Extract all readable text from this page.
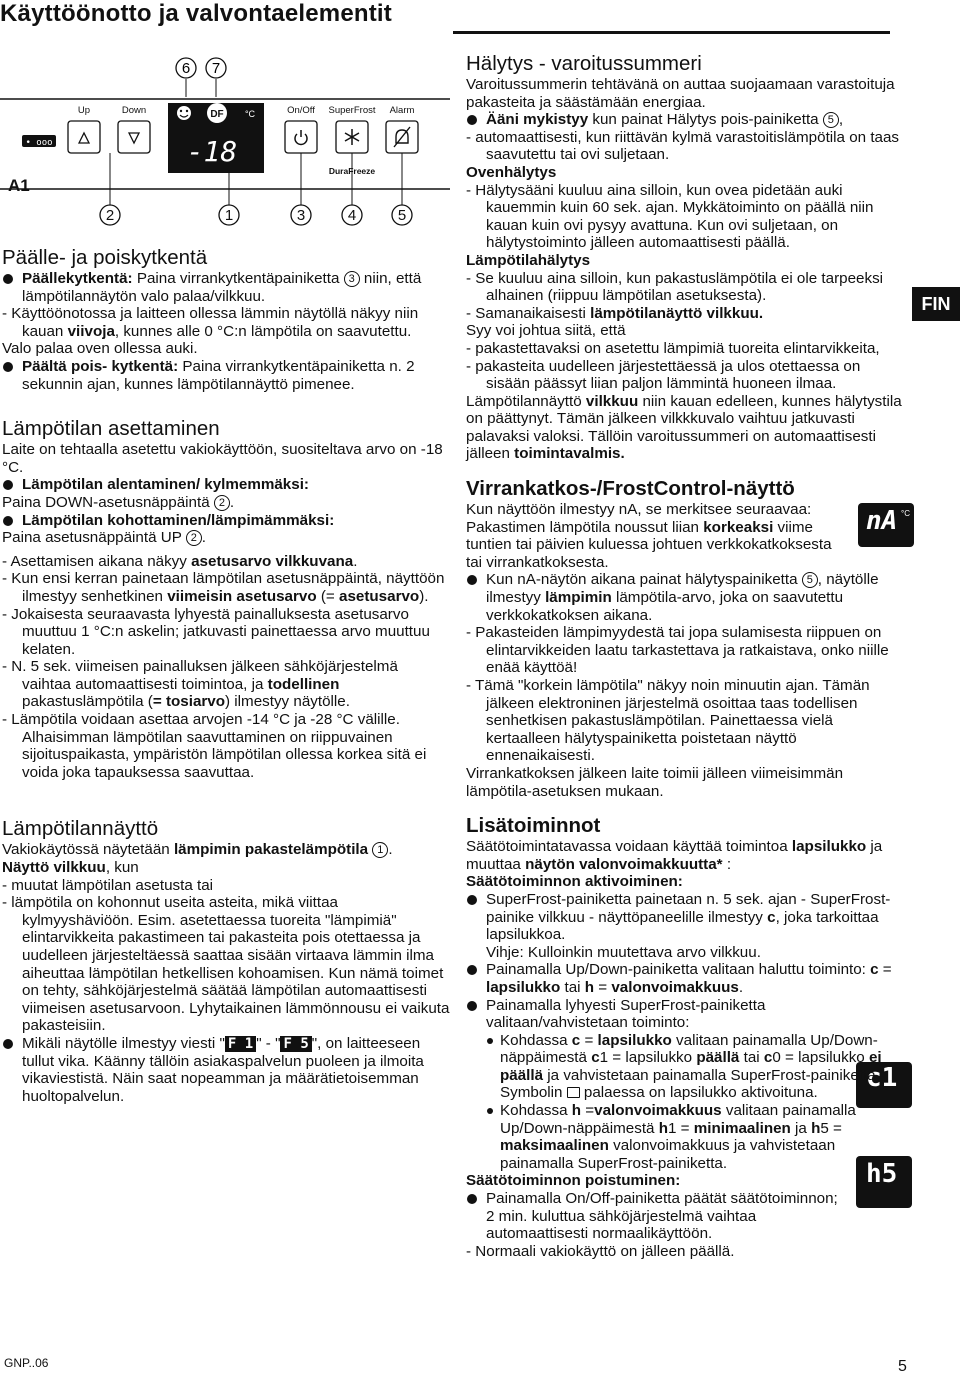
Käyttöönotto ja valvontaelementit
FIN
6 7
Up	Down	On/Off SuperFrost Alarm
DuraFreeze
• ooo
DF °C
-18
A1
2	1	3	4	5

Päälle- ja poiskytkentä

Päällekytkentä: Paina virrankytkentäpainiketta 3 niin, että lämpötilannäytön valo palaa/vilkkuu.

- Käyttöönotossa ja laitteen ollessa lämmin näytöllä näkyy niin kauan viivoja, kunnes alle 0 °C:n lämpötila on saavutettu.

Valo palaa oven ollessa auki.

Päältä pois- kytkentä: Paina virrankytkentäpainiketta n. 2 sekunnin ajan, kunnes lämpötilannäyttö pimenee.

Lämpötilan asettaminen

Laite on tehtaalla asetettu vakiokäyttöön, suositeltava arvo on -18 °C.

Lämpötilan alentaminen/ kylmemmäksi:

Paina DOWN-asetusnäppäintä 2 .

Lämpötilan kohottaminen/lämpimämmäksi:

Paina asetusnäppäintä UP 2 .

- Asettamisen aikana näkyy asetusarvo vilkkuvana.

- Kun ensi kerran painetaan lämpötilan asetusnäppäintä, näyttöön ilmestyy senhetkinen viimeisin asetusarvo (= asetusarvo).

- Jokaisesta seuraavasta lyhyestä painalluksesta asetusarvo muuttuu 1 °C:n askelin; jatkuvasti painettaessa arvo muuttuu kelaten.

- N. 5 sek. viimeisen painalluksen jälkeen sähköjärjestelmä vaihtaa automaattisesti toimintoa, ja todellinen pakastuslämpötila (= tosiarvo) ilmestyy näytölle.

- Lämpötila voidaan asettaa arvojen -14 °C ja -28 °C välille. Alhaisimman lämpötilan saavuttaminen on riippuvainen sijoituspaikasta, ympäristön lämpötilan ollessa korkea sitä ei voida joka tapauksessa saavuttaa.

Lämpötilannäyttö

Vakiokäytössä näytetään lämpimin pakastelämpötila 1 .

Näyttö vilkkuu, kun

- muutat lämpötilan asetusta tai

- lämpötila on kohonnut useita asteita, mikä viittaa kylmyyshäviöön. Esim. asetettaessa tuoreita "lämpimiä" elintarvikkeita pakastimeen tai pakasteita pois otettaessa ja uudelleen järjesteltäessä saattaa sisään virtaava lämmin ilma aiheuttaa lämpötilan hetkellisen kohoamisen. Kun nämä toimet on tehty, sähköjärjestelmä säätää lämpötilan automaattisesti viimeisen asetusarvoon. Lyhytaikainen lämmönnousu ei vaikuta pakasteisiin.

Mikäli näytölle ilmestyy viesti " F 1 " - " F 5 ", on laitteeseen tullut vika. Käänny tällöin asiakaspalvelun puoleen ja ilmoita vikaviestistä. Näin saat nopeamman ja määrätietoisemman huoltopalvelun.

Hälytys - varoitussummeri

Varoitussummerin tehtävänä on auttaa suojaamaan varastoituja pakasteita ja säästämään energiaa.

Ääni mykistyy kun painat Hälytys pois-painiketta 5 ,

- automaattisesti, kun riittävän kylmä varastoitislämpötila on taas saavutettu tai ovi suljetaan.

Ovenhälytys

- Hälytysääni kuuluu aina silloin, kun ovea pidetään auki kauemmin kuin 60 sek. ajan. Mykkätoiminto on päällä niin kauan kuin ovi pysyy avattuna. Kun ovi suljetaan, on hälytystoiminto jälleen automaattisesti päällä.

Lämpötilahälytys

- Se kuuluu aina silloin, kun pakastuslämpötila ei ole tarpeeksi alhainen (riippuu lämpötilan asetuksesta).

- Samanaikaisesti lämpötilanäyttö vilkkuu.

Syy voi johtua siitä, että

- pakastettavaksi on asetettu lämpimiä tuoreita elintarvikkeita,

- pakasteita uudelleen järjestettäessä ja ulos otettaessa on sisään päässyt liian paljon lämmintä huoneen ilmaa.

Lämpötilannäyttö vilkkuu niin kauan edelleen, kunnes hälytystila on päättynyt. Tämän jälkeen vilkkkuvalo vaihtuu jatkuvasti palavaksi valoksi. Tällöin varoitussummeri on automaattisesti jälleen toimintavalmis.

Virrankatkos-/FrostControl-näyttö

°C
nA

Kun näyttöön ilmestyy nA, se merkitsee seuraavaa: Pakastimen lämpötila noussut liian korkeaksi viime tuntien tai päivien kuluessa johtuen verkkokatkoksesta tai virrankatkoksesta.

Kun nA-näytön aikana painat hälytyspainiketta 5 , näytölle ilmestyy lämpimin lämpötila-arvo, joka on saavutettu verkkokatkoksen aikana.

- Pakasteiden lämpimyydestä tai jopa sulamisesta riippuen on elintarvikkeiden laatu tarkastettava ja ratkaistava, onko niille enää käyttöä!

- Tämä "korkein lämpötila" näkyy noin minuutin ajan. Tämän jälkeen elektroninen järjestelmä osoittaa taas todellisen senhetkisen pakastuslämpötilan. Painettaessa vielä kertaalleen hälytyspainiketta poistetaan näyttö ennenaikaisesti.

Virrankatkoksen jälkeen laite toimii jälleen viimeisimmän lämpötila-asetuksen mukaan.

Lisätoiminnot

Säätötoimintatavassa voidaan käyttää toimintoa lapsilukko ja muuttaa näytön valonvoimakkuutta* :

Säätötoiminnon aktivoiminen:

SuperFrost-painiketta painetaan n. 5 sek. ajan - SuperFrost-painike vilkkuu - näyttöpaneelille ilmestyy c, joka tarkoittaa lapsilukkoa.
Vihje: Kulloinkin muutettava arvo vilkkuu.

Painamalla Up/Down-painiketta valitaan haluttu toiminto: c = lapsilukko tai h = valonvoimakkuus.

Painamalla lyhyesti SuperFrost-painiketta valitaan/vahvistetaan toiminto:

c1

Kohdassa c = lapsilukko valitaan painamalla Up/Down-näppäimestä c1 = lapsilukko päällä tai c0 = lapsilukko ei päällä ja vahvistetaan painamalla SuperFrost-painiketta. Symbolin  palaessa on lapsilukko aktivoituna.

Kohdassa h =valonvoimakkuus valitaan painamalla Up/Down-näppäimestä h1 = minimaalinen ja h5 = maksimaalinen valonvoimakkuus ja vahvistetaan painamalla SuperFrost-painiketta.	h5

Säätötoiminnon poistuminen:

Painamalla On/Off-painiketta päätät säätötoiminnon; 2 min. kuluttua sähköjärjestelmä vaihtaa automaattisesti normaalikäyttöön.

- Normaali vakiokäyttö on jälleen päällä.

GNP..06	5
